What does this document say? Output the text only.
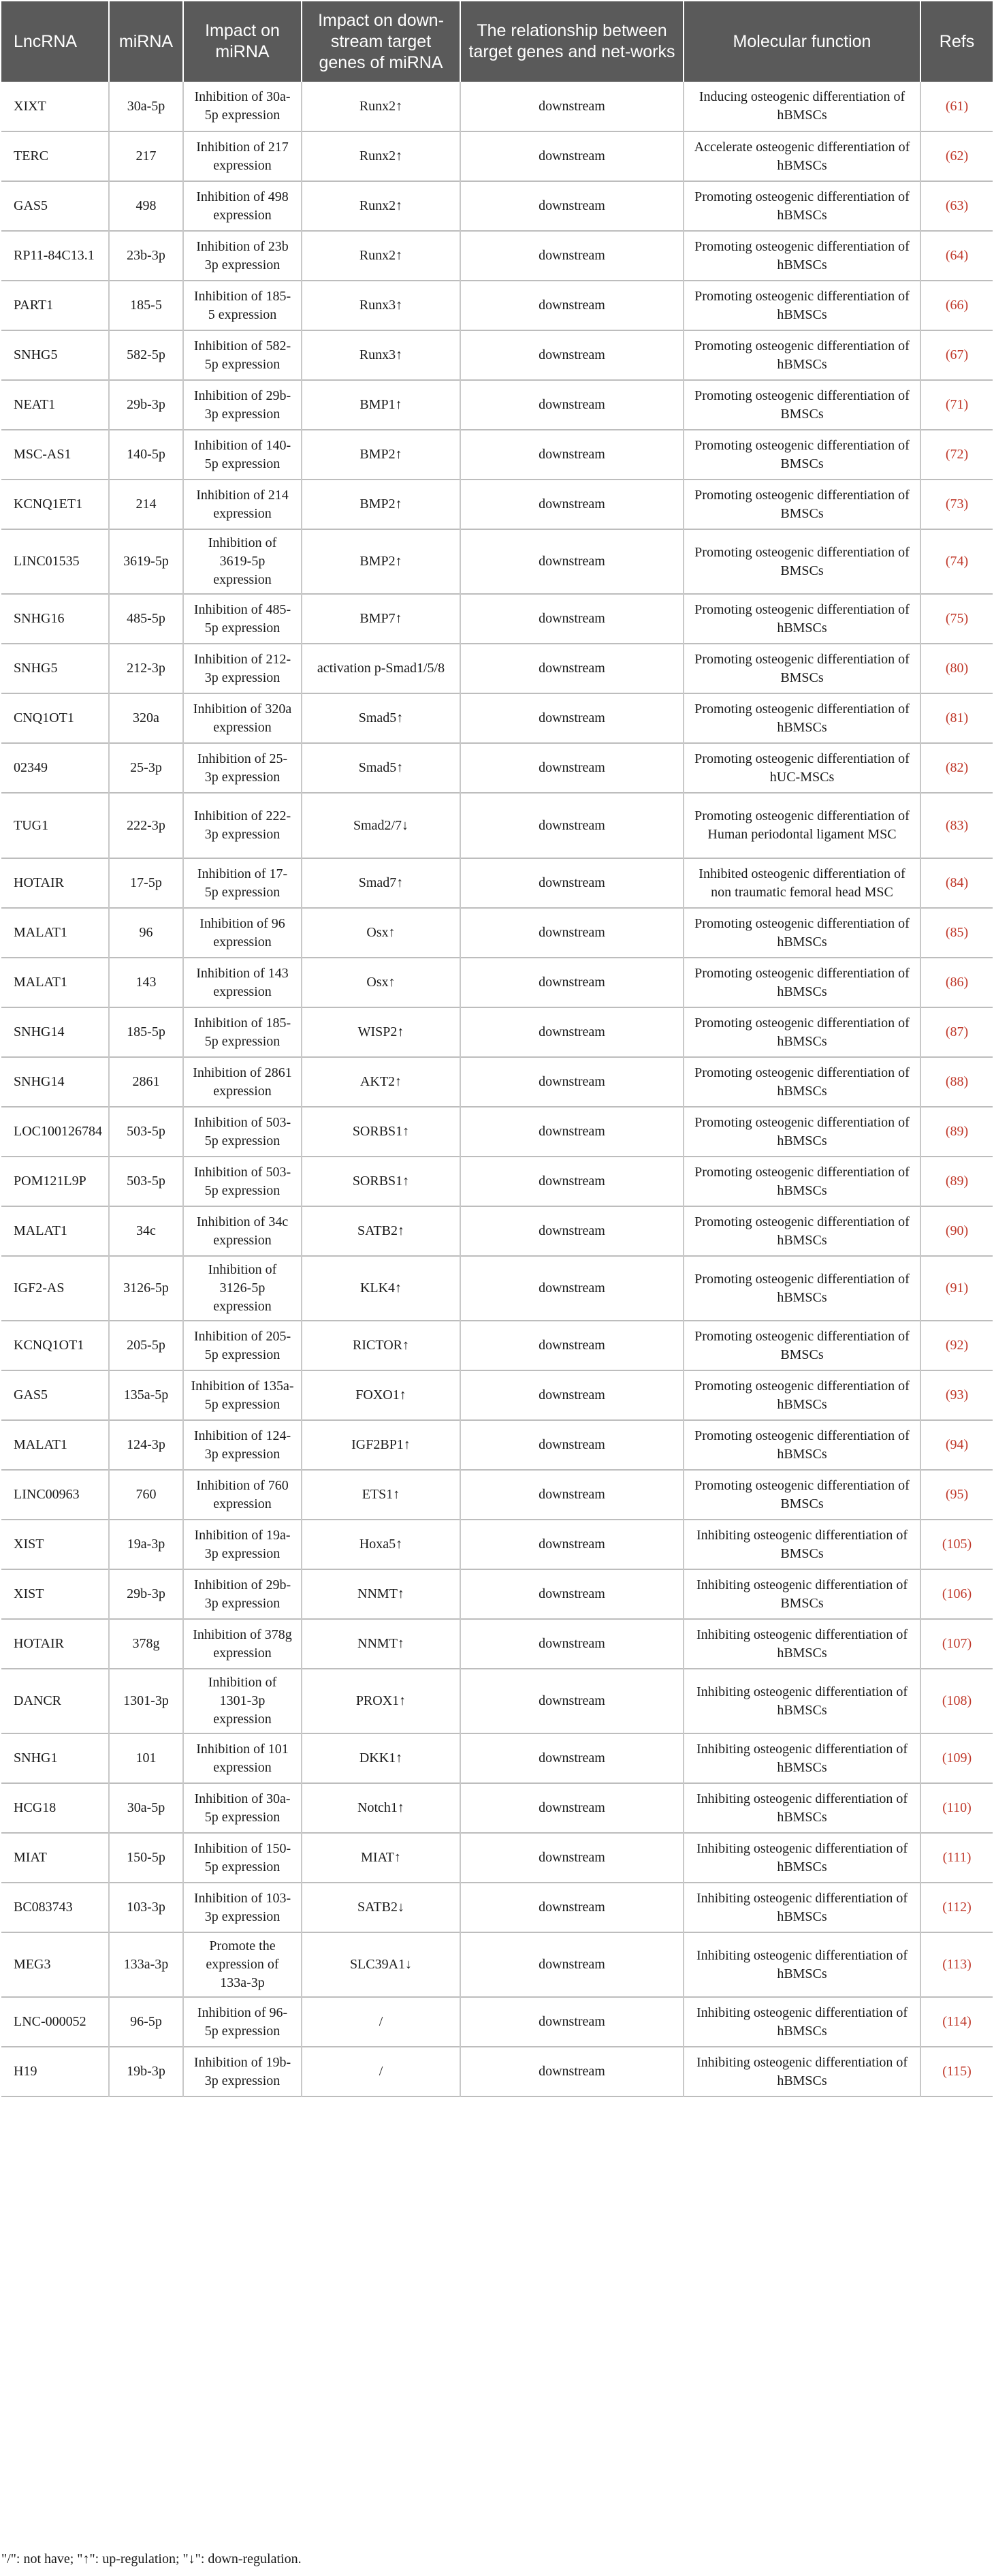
LncRNA	miRNA	Impact on miRNA	Impact on down-stream target genes of miRNA	The relationship between target genes and net-works	Molecular function	Refs
XIXT	30a-5p	Inhibition of 30a-5p expression	Runx2↑	downstream	Inducing osteogenic differentiation of hBMSCs	(61)
TERC	217	Inhibition of 217 expression	Runx2↑	downstream	Accelerate osteogenic differentiation of hBMSCs	(62)
GAS5	498	Inhibition of 498 expression	Runx2↑	downstream	Promoting osteogenic differentiation of hBMSCs	(63)
RP11-84C13.1	23b-3p	Inhibition of 23b 3p expression	Runx2↑	downstream	Promoting osteogenic differentiation of hBMSCs	(64)
PART1	185-5	Inhibition of 185-5 expression	Runx3↑	downstream	Promoting osteogenic differentiation of hBMSCs	(66)
SNHG5	582-5p	Inhibition of 582-5p expression	Runx3↑	downstream	Promoting osteogenic differentiation of hBMSCs	(67)
NEAT1	29b-3p	Inhibition of 29b-3p expression	BMP1↑	downstream	Promoting osteogenic differentiation of BMSCs	(71)
MSC-AS1	140-5p	Inhibition of 140-5p expression	BMP2↑	downstream	Promoting osteogenic differentiation of BMSCs	(72)
KCNQ1ET1	214	Inhibition of 214 expression	BMP2↑	downstream	Promoting osteogenic differentiation of BMSCs	(73)
LINC01535	3619-5p	Inhibition of 3619-5p expression	BMP2↑	downstream	Promoting osteogenic differentiation of BMSCs	(74)
SNHG16	485-5p	Inhibition of 485-5p expression	BMP7↑	downstream	Promoting osteogenic differentiation of hBMSCs	(75)
SNHG5	212-3p	Inhibition of 212-3p expression	activation p-Smad1/5/8	downstream	Promoting osteogenic differentiation of BMSCs	(80)
CNQ1OT1	320a	Inhibition of 320a expression	Smad5↑	downstream	Promoting osteogenic differentiation of hBMSCs	(81)
02349	25-3p	Inhibition of 25-3p expression	Smad5↑	downstream	Promoting osteogenic differentiation of hUC-MSCs	(82)
TUG1	222-3p	Inhibition of 222-3p expression	Smad2/7↓	downstream	Promoting osteogenic differentiation of Human periodontal ligament MSC	(83)
HOTAIR	17-5p	Inhibition of 17-5p expression	Smad7↑	downstream	Inhibited osteogenic differentiation of non traumatic femoral head MSC	(84)
MALAT1	96	Inhibition of 96 expression	Osx↑	downstream	Promoting osteogenic differentiation of hBMSCs	(85)
MALAT1	143	Inhibition of 143 expression	Osx↑	downstream	Promoting osteogenic differentiation of hBMSCs	(86)
SNHG14	185-5p	Inhibition of 185-5p expression	WISP2↑	downstream	Promoting osteogenic differentiation of hBMSCs	(87)
SNHG14	2861	Inhibition of 2861 expression	AKT2↑	downstream	Promoting osteogenic differentiation of hBMSCs	(88)
LOC100126784	503-5p	Inhibition of 503-5p expression	SORBS1↑	downstream	Promoting osteogenic differentiation of hBMSCs	(89)
POM121L9P	503-5p	Inhibition of 503-5p expression	SORBS1↑	downstream	Promoting osteogenic differentiation of hBMSCs	(89)
MALAT1	34c	Inhibition of 34c expression	SATB2↑	downstream	Promoting osteogenic differentiation of hBMSCs	(90)
IGF2-AS	3126-5p	Inhibition of 3126-5p expression	KLK4↑	downstream	Promoting osteogenic differentiation of hBMSCs	(91)
KCNQ1OT1	205-5p	Inhibition of 205-5p expression	RICTOR↑	downstream	Promoting osteogenic differentiation of BMSCs	(92)
GAS5	135a-5p	Inhibition of 135a-5p expression	FOXO1↑	downstream	Promoting osteogenic differentiation of hBMSCs	(93)
MALAT1	124-3p	Inhibition of 124-3p expression	IGF2BP1↑	downstream	Promoting osteogenic differentiation of hBMSCs	(94)
LINC00963	760	Inhibition of 760 expression	ETS1↑	downstream	Promoting osteogenic differentiation of BMSCs	(95)
XIST	19a-3p	Inhibition of 19a-3p expression	Hoxa5↑	downstream	Inhibiting osteogenic differentiation of BMSCs	(105)
XIST	29b-3p	Inhibition of 29b-3p expression	NNMT↑	downstream	Inhibiting osteogenic differentiation of BMSCs	(106)
HOTAIR	378g	Inhibition of 378g expression	NNMT↑	downstream	Inhibiting osteogenic differentiation of hBMSCs	(107)
DANCR	1301-3p	Inhibition of 1301-3p expression	PROX1↑	downstream	Inhibiting osteogenic differentiation of hBMSCs	(108)
SNHG1	101	Inhibition of 101 expression	DKK1↑	downstream	Inhibiting osteogenic differentiation of hBMSCs	(109)
HCG18	30a-5p	Inhibition of 30a-5p expression	Notch1↑	downstream	Inhibiting osteogenic differentiation of hBMSCs	(110)
MIAT	150-5p	Inhibition of 150-5p expression	MIAT↑	downstream	Inhibiting osteogenic differentiation of hBMSCs	(111)
BC083743	103-3p	Inhibition of 103-3p expression	SATB2↓	downstream	Inhibiting osteogenic differentiation of hBMSCs	(112)
MEG3	133a-3p	Promote the expression of 133a-3p	SLC39A1↓	downstream	Inhibiting osteogenic differentiation of hBMSCs	(113)
LNC-000052	96-5p	Inhibition of 96-5p expression	/	downstream	Inhibiting osteogenic differentiation of hBMSCs	(114)
H19	19b-3p	Inhibition of 19b-3p expression	/	downstream	Inhibiting osteogenic differentiation of hBMSCs	(115)
"/": not have; "↑": up-regulation; "↓": down-regulation.
